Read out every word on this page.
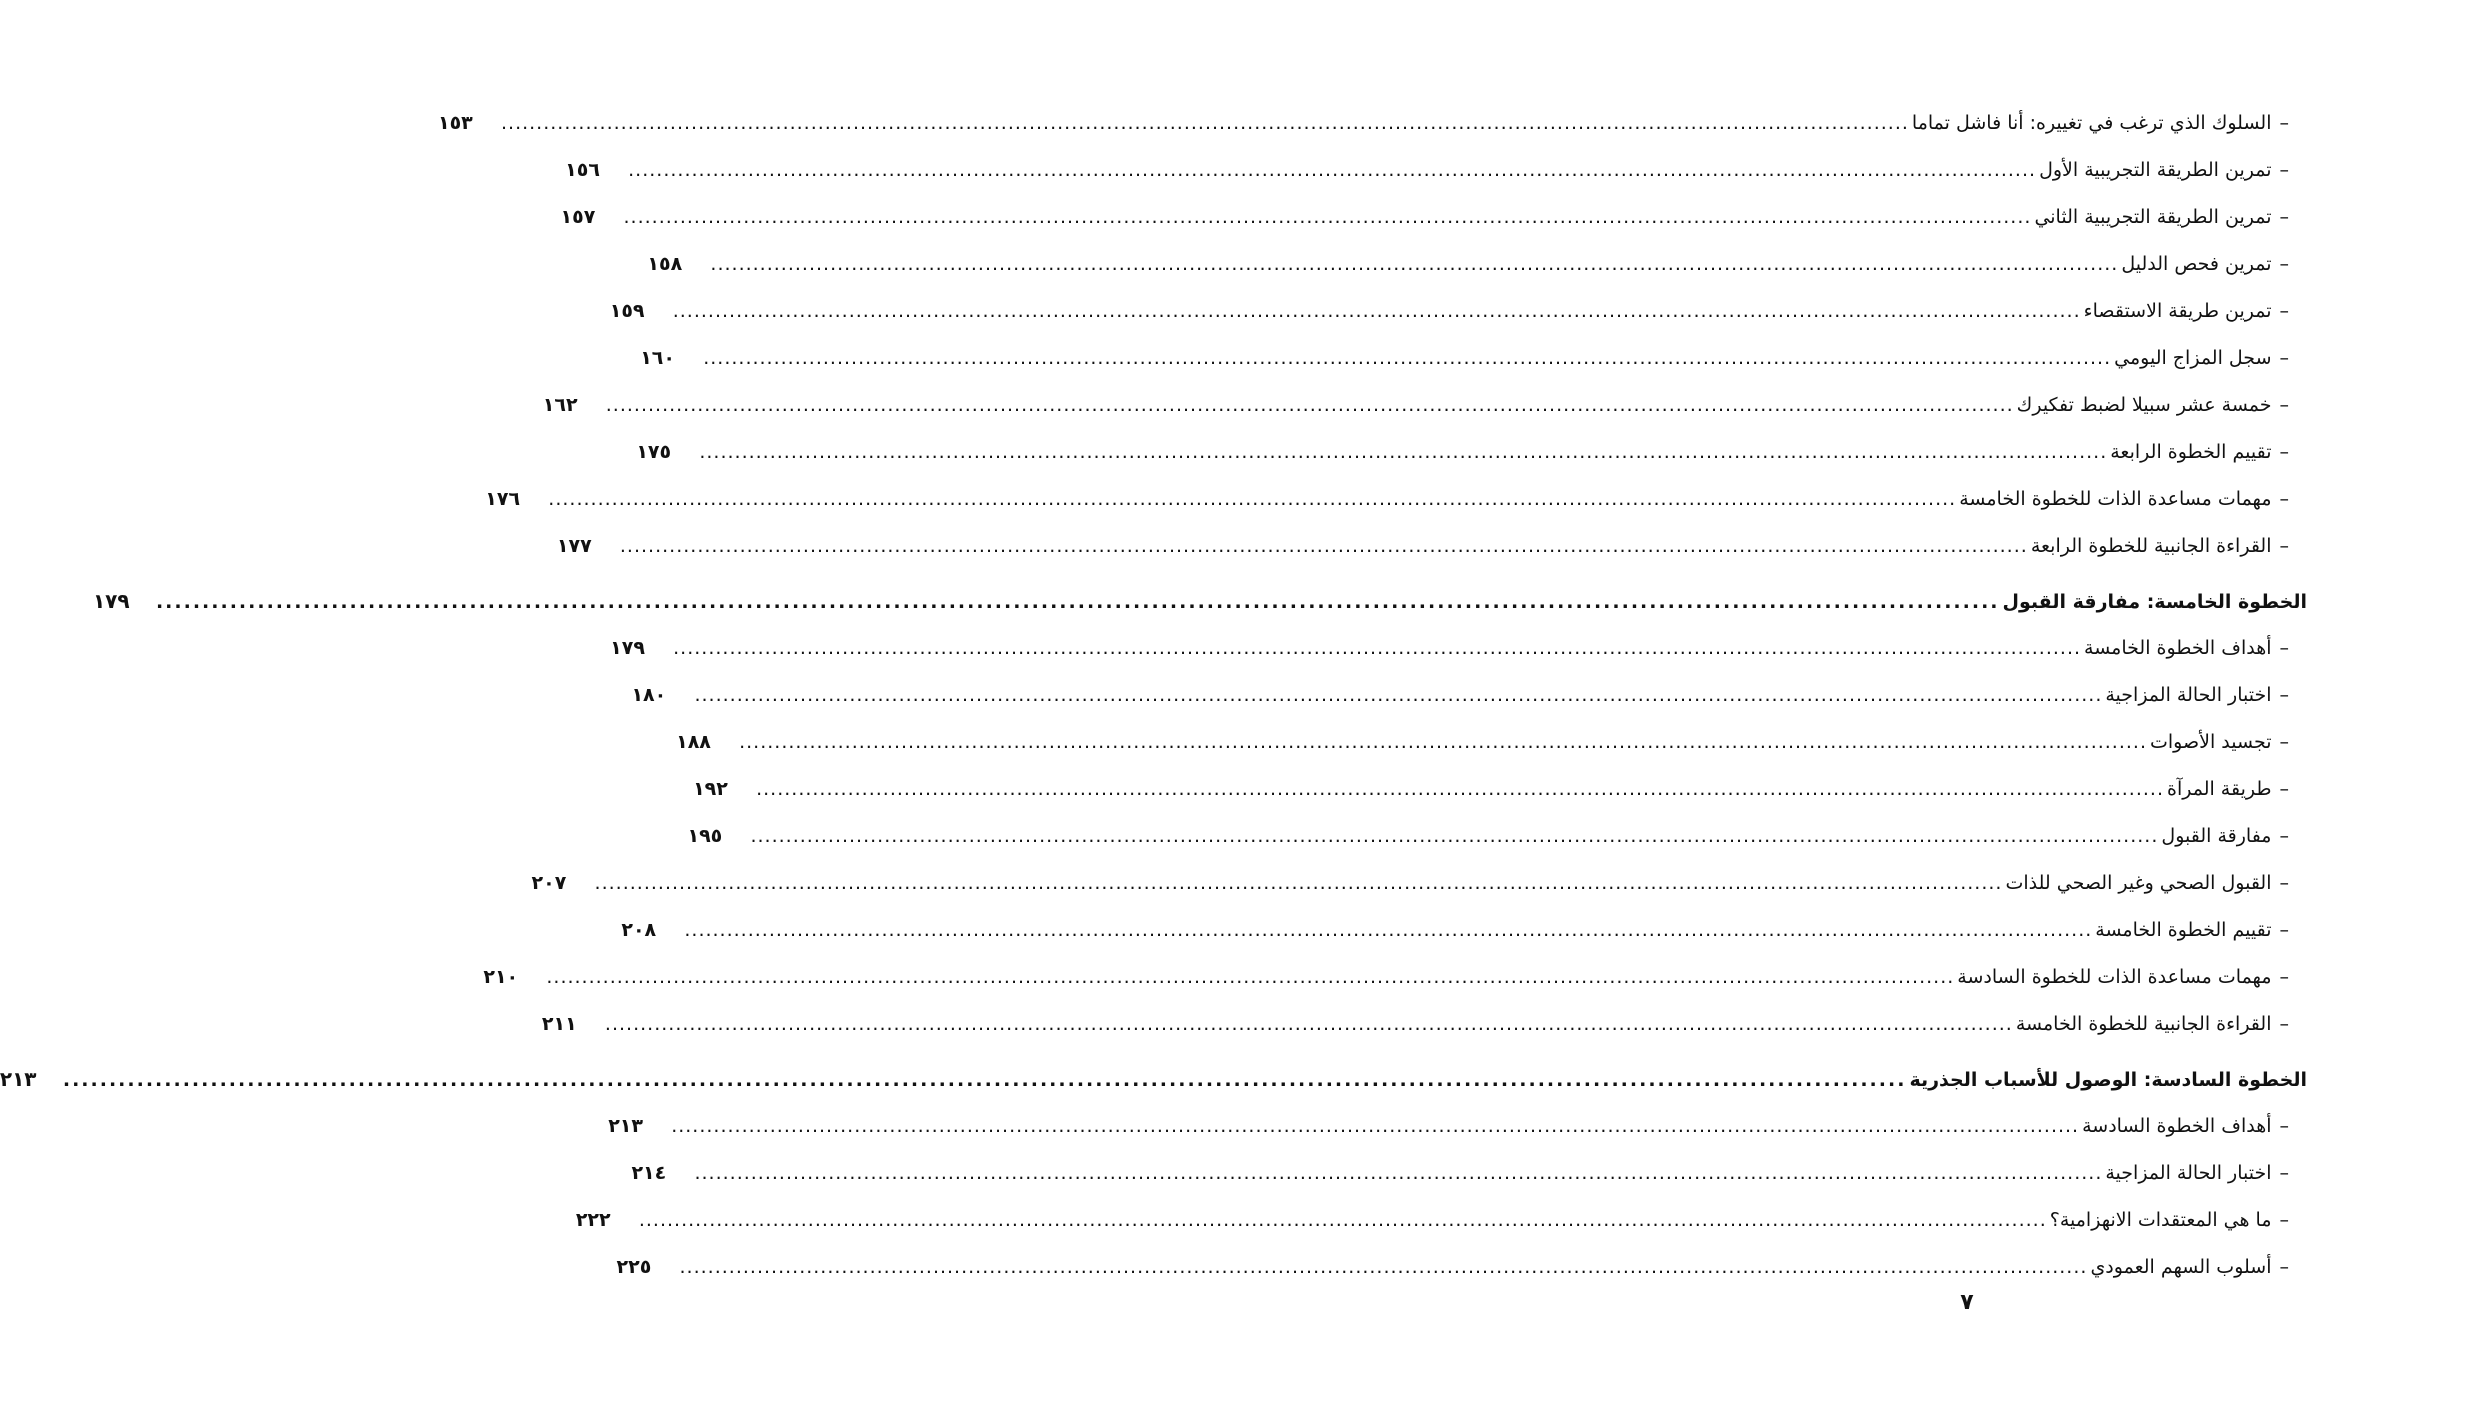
–
السلوك الذي ترغب في تغييره: أنا فاشل تماما
........................................................................................................................................................................................................
١٥٣
–
تمرين الطريقة التجريبية الأول
........................................................................................................................................................................................................
١٥٦
–
تمرين الطريقة التجريبية الثاني
........................................................................................................................................................................................................
١٥٧
–
تمرين فحص الدليل
........................................................................................................................................................................................................
١٥٨
–
تمرين طريقة الاستقصاء
........................................................................................................................................................................................................
١٥٩
–
سجل المزاج اليومي
........................................................................................................................................................................................................
١٦٠
–
خمسة عشر سبيلا لضبط تفكيرك
........................................................................................................................................................................................................
١٦٢
–
تقييم الخطوة الرابعة
........................................................................................................................................................................................................
١٧٥
–
مهمات مساعدة الذات للخطوة الخامسة
........................................................................................................................................................................................................
١٧٦
–
القراءة الجانبية للخطوة الرابعة
........................................................................................................................................................................................................
١٧٧
الخطوة الخامسة: مفارقة القبول
........................................................................................................................................................................................................
١٧٩
–
أهداف الخطوة الخامسة
........................................................................................................................................................................................................
١٧٩
–
اختبار الحالة المزاجية
........................................................................................................................................................................................................
١٨٠
–
تجسيد الأصوات
........................................................................................................................................................................................................
١٨٨
–
طريقة المرآة
........................................................................................................................................................................................................
١٩٢
–
مفارقة القبول
........................................................................................................................................................................................................
١٩٥
–
القبول الصحي وغير الصحي للذات
........................................................................................................................................................................................................
٢٠٧
–
تقييم الخطوة الخامسة
........................................................................................................................................................................................................
٢٠٨
–
مهمات مساعدة الذات للخطوة السادسة
........................................................................................................................................................................................................
٢١٠
–
القراءة الجانبية للخطوة الخامسة
........................................................................................................................................................................................................
٢١١
الخطوة السادسة: الوصول للأسباب الجذرية
........................................................................................................................................................................................................
٢١٣
–
أهداف الخطوة السادسة
........................................................................................................................................................................................................
٢١٣
–
اختبار الحالة المزاجية
........................................................................................................................................................................................................
٢١٤
–
ما هي المعتقدات الانهزامية؟
........................................................................................................................................................................................................
٢٢٢
–
أسلوب السهم العمودي
........................................................................................................................................................................................................
٢٢٥
٧
